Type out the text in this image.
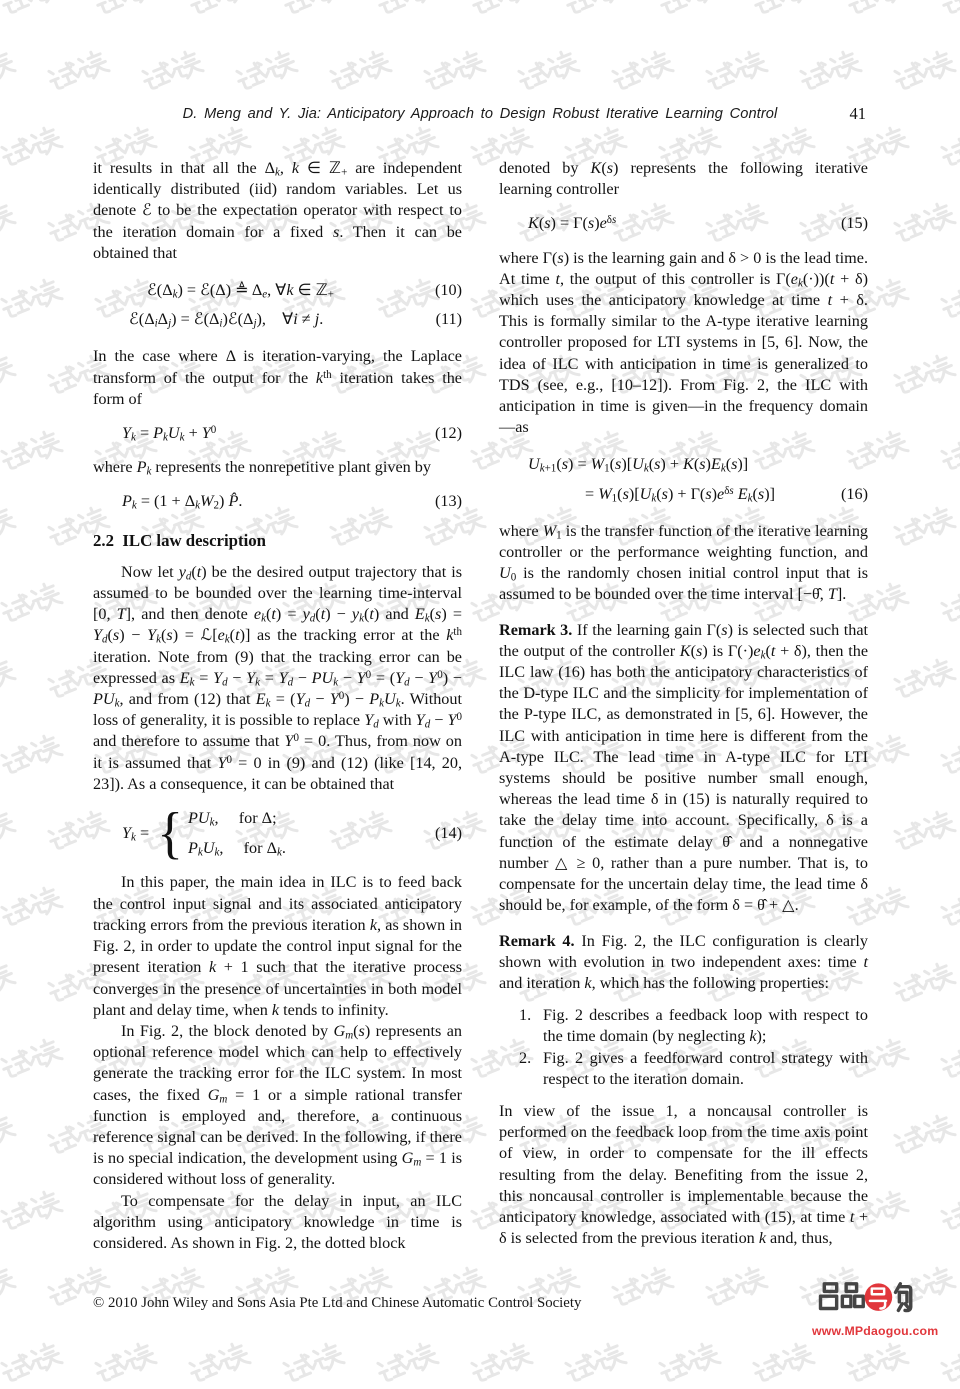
D. Meng and Y. Jia: Anticipatory Approach to Design Robust Iterative Learning Control	41

it results in that all the $\Delta_k$, k ∈ ℤ$_+$ are independent identically distributed (iid) random variables. Let us denote ℰ to be the expectation operator with respect to the iteration domain for a fixed s. Then it can be obtained that

$ℰ(\Delta_k)$ = ℰ(Δ) ≜ $\Delta_e$, ∀k ∈ ℤ$_+$	(10)
$ℰ(\Delta_i\Delta_j)$ = $ℰ(\Delta_i)ℰ(\Delta_j)$, ∀i ≠ j.	(11)

In the case where Δ is iteration-varying, the Laplace transform of the output for the $k^{th}$ iteration takes the form of

$Y_k = P_kU_k + Y^0$	(12)

where $P_k$ represents the nonrepetitive plant given by

$P_k = (1 + \Delta_kW_2)$ P̂.	(13)
2.2 ILC law description

Now let $y_d(t)$ be the desired output trajectory that is assumed to be bounded over the learning time-interval [0, T], and then denote $e_k(t) = y_d(t) - y_k(t)$ and $E_k(s) = Y_d(s) - Y_k(s)$ = $ℒ[e_k(t)]$ as the tracking error at the $k^{th}$ iteration. Note from (9) that the tracking error can be expressed as $E_k = Y_d - Y_k = Y_d - PU_k - Y^0 = (Y_d - Y^0) - PU_k$, and from (12) that $E_k = (Y_d - Y^0) - P_kU_k$. Without loss of generality, it is possible to replace $Y_d$ with $Y_d - Y^0$ and therefore to assume that $Y^0 = 0$. Thus, from now on it is assumed that $Y^0 = 0$ in (9) and (12) (like [14, 20, 23]). As a consequence, it can be obtained that

$Y_k$ = { $PU_k$,  for Δ;
$P_kU_k$,  for $\Delta_k$.
(14)

In this paper, the main idea in ILC is to feed back the control input signal and its associated anticipatory tracking errors from the previous iteration k, as shown in Fig. 2, in order to update the control input signal for the present iteration k + 1 such that the iterative process converges in the presence of uncertainties in both model plant and delay time, when k tends to infinity.

In Fig. 2, the block denoted by $G_m(s)$ represents an optional reference model which can help to effectively generate the tracking error for the ILC system. In most cases, the fixed $G_m = 1$ or a simple rational transfer function is employed and, therefore, a continuous reference signal can be derived. In the following, if there is no special indication, the development using $G_m = 1$ is considered without loss of generality.

To compensate for the delay in input, an ILC algorithm using anticipatory knowledge in time is considered. As shown in Fig. 2, the dotted block

denoted by K(s) represents the following iterative learning controller

$K(s) = \Gamma(s)e^{\delta s}$	(15)

where Γ(s) is the learning gain and δ > 0 is the lead time. At time t, the output of this controller is $\Gamma(e_k(\cdot))(t + \delta)$ which uses the anticipatory knowledge at time t + δ. This is formally similar to the A-type iterative learning controller proposed for LTI systems in [5, 6]. Now, the idea of ILC with anticipation in time is generalized to TDS (see, e.g., [10–12]). From Fig. 2, the ILC with anticipation in time is given—in the frequency domain—as

$U_{k+1}(s) = W_1(s)[U_k(s) + K(s)E_k(s)]$
= $W_1(s)[U_k(s) + \Gamma(s)e^{\delta s}$ $E_k(s)$]	(16)

where $W_1$ is the transfer function of the iterative learning controller or the performance weighting function, and $U_0$ is the randomly chosen initial control input that is assumed to be bounded over the time interval [−θ̂, T].

Remark 3. If the learning gain Γ(s) is selected such that the output of the controller K(s) is $\Gamma(\cdot)e_k(t + \delta)$, then the ILC law (16) has both the anticipatory characteristics of the D-type ILC and the simplicity for implementation of the P-type ILC, as demonstrated in [5, 6]. However, the ILC with anticipation in time here is different from the A-type ILC. The lead time in A-type ILC for LTI systems should be positive number small enough, whereas the lead time δ in (15) is naturally required to take the delay time into account. Specifically, δ is a function of the estimate delay θ̂ and a nonnegative number △ ≥ 0, rather than a pure number. That is, to compensate for the uncertain delay time, the lead time δ should be, for example, of the form δ = θ̂ + △.

Remark 4. In Fig. 2, the ILC configuration is clearly shown with evolution in two independent axes: time t and iteration k, which has the following properties:

1. Fig. 2 describes a feedback loop with respect to the time domain (by neglecting k);
2. Fig. 2 gives a feedforward control strategy with respect to the iteration domain.

In view of the issue 1, a noncausal controller is performed on the feedback loop from the time axis point of view, in order to compensate for the ill effects resulting from the delay. Benefiting from the issue 2, this noncausal controller is implementable because the anticipatory knowledge, associated with (15), at time t + δ is selected from the previous iteration k and, thus,

© 2010 John Wiley and Sons Asia Pte Ltd and Chinese Automatic Control Society
www.MPdaogou.com
